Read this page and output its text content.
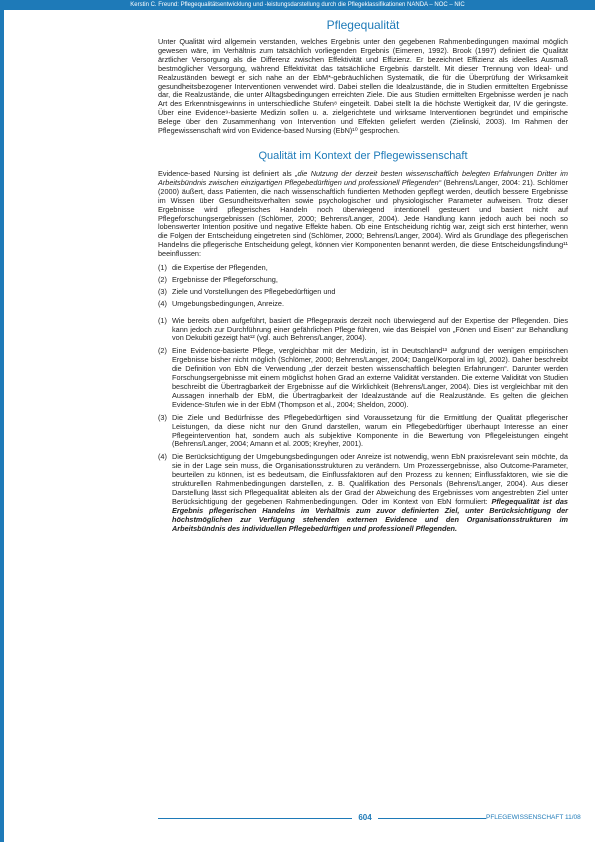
Kerstin C. Freund: Pflegequalitätsentwicklung und -leistungsdarstellung durch die Pflegeklassifikationen NANDA – NOC – NIC
Pflegequalität

Unter Qualität wird allgemein verstanden, welches Ergebnis unter den gegebenen Rahmenbedingungen maximal möglich gewesen wäre, im Verhältnis zum tatsächlich vorliegenden Ergebnis (Eimeren, 1992). Brook (1997) definiert die Qualität ärztlicher Versorgung als die Differenz zwischen Effektivität und Effizienz. Er bezeichnet Effizienz als ideelles Ausmaß bestmöglicher Versorgung, während Effektivität das tatsächliche Ergebnis darstellt. Mit dieser Trennung von Ideal- und Realzuständen bewegt er sich nahe an der EbM*-gebräuchlichen Systematik, die für die Überprüfung der Wirksamkeit gesundheitsbezogener Interventionen verwendet wird. Dabei stellen die Idealzustände, die in Studien ermittelten Ergebnisse dar, die Realzustände, die unter Alltagsbedingungen erreichten Ziele. Die aus Studien ermittelten Ergebnisse werden je nach Art des Erkenntnisgewinns in unterschiedliche Stufen⁸ eingeteilt. Dabei stellt Ia die höchste Wertigkeit dar, IV die geringste. Über eine Evidence⁹-basierte Medizin sollen u. a. zielgerichtete und wirksame Interventionen begründet und empirische Belege über den Zusammenhang von Intervention und Effekten geliefert werden (Zielinski, 2003). Im Rahmen der Pflegewissenschaft wird von Evidence-based Nursing (EbN)¹⁰ gesprochen.

Qualität im Kontext der Pflegewissenschaft

Evidence-based Nursing ist definiert als „die Nutzung der derzeit besten wissenschaftlich belegten Erfahrungen Dritter im Arbeitsbündnis zwischen einzigartigen Pflegebedürftigen und professionell Pflegenden“ (Behrens/Langer, 2004: 21). Schlömer (2000) äußert, dass Patienten, die nach wissenschaftlich fundierten Methoden gepflegt werden, deutlich bessere Ergebnisse im Wissen über Gesundheitsverhalten sowie psychologischer und physiologischer Parameter aufweisen. Trotz dieser Ergebnisse wird pflegerisches Handeln noch überwiegend intentionell gesteuert und basiert nicht auf Pflegeforschungsergebnissen (Schlömer, 2000; Behrens/Langer, 2004). Jede Handlung kann jedoch auch bei noch so lobenswerter Intention positive und negative Effekte haben. Ob eine Entscheidung richtig war, zeigt sich erst hinterher, wenn die Folgen der Entscheidung eingetreten sind (Schlömer, 2000; Behrens/Langer, 2004). Wird als Grundlage des pflegerischen Handelns die pflegerische Entscheidung gelegt, können vier Komponenten benannt werden, die diese Entscheidungsfindung¹¹ beeinflussen:

(1) die Expertise der Pflegenden,
(2) Ergebnisse der Pflegeforschung,
(3) Ziele und Vorstellungen des Pflegebedürftigen und
(4) Umgebungsbedingungen, Anreize.
(1) Wie bereits oben aufgeführt, basiert die Pflegepraxis derzeit noch überwiegend auf der Expertise der Pflegenden. Dies kann jedoch zur Durchführung einer gefährlichen Pflege führen, wie das Beispiel von „Fönen und Eisen“ zur Behandlung von Dekubiti gezeigt hat¹² (vgl. auch Behrens/Langer, 2004).
(2) Eine Evidence-basierte Pflege, vergleichbar mit der Medizin, ist in Deutschland¹³ aufgrund der wenigen empirischen Ergebnisse bisher nicht möglich (Schlömer, 2000; Behrens/Langer, 2004; Dangel/Korporal im Igl, 2002). Daher beschreibt die Definition von EbN die Verwendung „der derzeit besten wissenschaftlich belegten Erfahrungen“. Darunter werden Forschungsergebnisse mit einem möglichst hohen Grad an externe Validität verstanden. Die externe Validität von Studien beschreibt die Übertragbarkeit der Ergebnisse auf die Wirklichkeit (Behrens/Langer, 2004). Dies ist vergleichbar mit den Aussagen innerhalb der EbM, die Übertragbarkeit der Idealzustände auf die Realzustände. Es gelten die gleichen Evidence-Stufen wie in der EbM (Thompson et al., 2004; Sheldon, 2000).
(3) Die Ziele und Bedürfnisse des Pflegebedürftigen sind Voraussetzung für die Ermittlung der Qualität pflegerischer Leistungen, da diese nicht nur den Grund darstellen, warum ein Pflegebedürftiger überhaupt Interesse an einer Pflegeintervention hat, sondern auch als subjektive Komponente in die Bewertung von Pflegeleistungen eingeht (Behrens/Langer, 2004; Amann et al. 2005; Kreyher, 2001).
(4) Die Berücksichtigung der Umgebungsbedingungen oder Anreize ist notwendig, wenn EbN praxisrelevant sein möchte, da sie in der Lage sein muss, die Organisationsstrukturen zu verändern. Um Prozessergebnisse, also Outcome-Parameter, beurteilen zu können, ist es bedeutsam, die Einflussfaktoren auf den Prozess zu kennen; Einflussfaktoren, wie sie die strukturellen Rahmenbedingungen darstellen, z. B. Qualifikation des Personals (Behrens/Langer, 2004). Aus dieser Darstellung lässt sich Pflegequalität ableiten als der Grad der Abweichung des Ergebnisses vom angestrebten Ziel unter Berücksichtigung der gegebenen Rahmenbedingungen. Oder im Kontext von EbN formuliert: Pflegequalität ist das Ergebnis pflegerischen Handelns im Verhältnis zum zuvor definierten Ziel, unter Berücksichtigung der höchstmöglichen zur Verfügung stehenden externen Evidence und den Organisationsstrukturen im Arbeitsbündnis des individuellen Pflegebedürftigen und professionell Pflegenden.
604	PFLEGEWISSENSCHAFT 11/08
